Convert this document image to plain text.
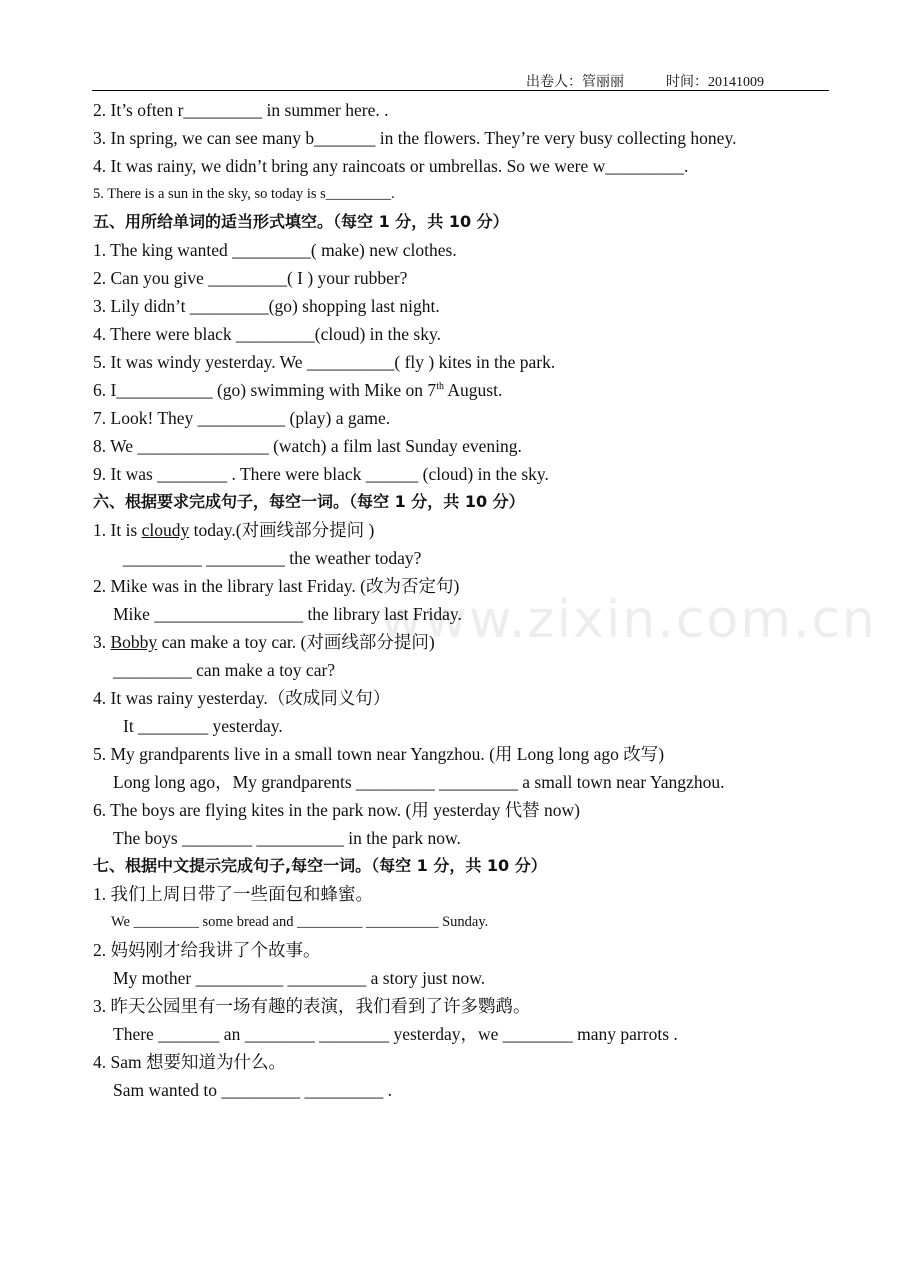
出卷人：管丽丽	时间：20141009
www.zixin.com.cn
2. It’s often r_________ in summer here. .
3. In spring, we can see many b_______ in the flowers. They’re very busy collecting honey.
4. It was rainy, we didn’t bring any raincoats or umbrellas. So we were w_________.
5. There is a sun in the sky, so today is s_________.
五、用所给单词的适当形式填空。（每空 1 分，共 10 分）
1. The king wanted _________( make) new clothes.
2. Can you give _________( I ) your rubber?
3. Lily didn’t _________(go) shopping last night.
4. There were black _________(cloud) in the sky.
5. It was windy yesterday. We __________( fly ) kites in the park.
6. I___________ (go) swimming with Mike on 7th August.
7. Look! They __________ (play) a game.
8. We _______________ (watch) a film last Sunday evening.
9. It was ________ . There were black ______ (cloud) in the sky.
六、根据要求完成句子，每空一词。（每空 1 分，共 10 分）
1. It is cloudy today.(对画线部分提问 )
_________ _________ the weather today?
2. Mike was in the library last Friday. (改为否定句)
Mike _________________ the library last Friday.
3. Bobby can make a toy car. (对画线部分提问)
_________ can make a toy car?
4. It was rainy yesterday.（改成同义句）
It ________ yesterday.
5. My grandparents live in a small town near Yangzhou. (用 Long long ago 改写)
Long long ago，My grandparents _________ _________ a small town near Yangzhou.
6. The boys are flying kites in the park now. (用 yesterday 代替 now)
The boys ________ __________ in the park now.
七、根据中文提示完成句子,每空一词。（每空 1 分，共 10 分）
1. 我们上周日带了一些面包和蜂蜜。
We _________ some bread and _________ __________ Sunday.
2. 妈妈刚才给我讲了个故事。
My mother __________ _________ a story just now.
3. 昨天公园里有一场有趣的表演，我们看到了许多鹦鹉。
There _______ an ________ ________ yesterday，we ________ many parrots .
4. Sam 想要知道为什么。
Sam wanted to _________ _________ .
